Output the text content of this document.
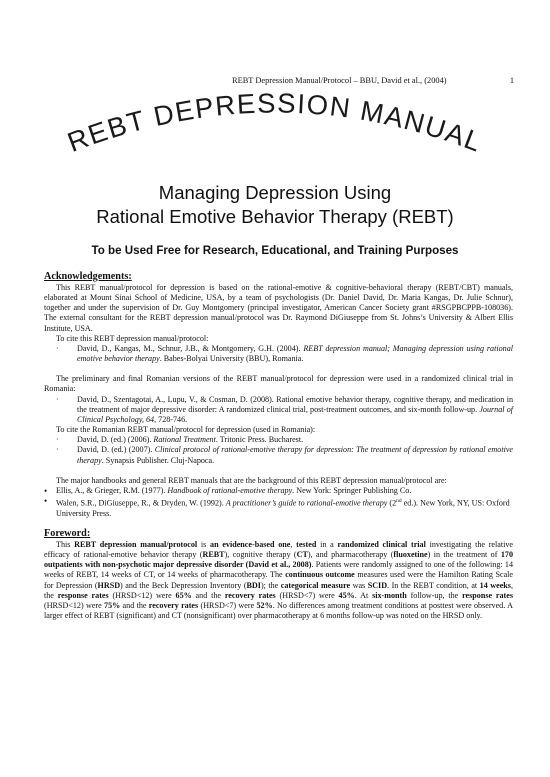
REBT Depression Manual/Protocol – BBU, David et al., (2004)	1
REBT DEPRESSION MANUAL
Managing Depression Using
Rational Emotive Behavior Therapy (REBT)
To be Used Free for Research, Educational, and Training Purposes

Acknowledgements:

This REBT manual/protocol for depression is based on the rational-emotive & cognitive-behavioral therapy (REBT/CBT) manuals, elaborated at Mount Sinai School of Medicine, USA, by a team of psychologists (Dr. Daniel David, Dr. Maria Kangas, Dr. Julie Schnur), together and under the supervision of Dr. Guy Montgomery (principal investigator, American Cancer Society grant #RSGPBCPPB-108036). The external consultant for the REBT depression manual/protocol was Dr. Raymond DiGiuseppe from St. Johns’s University & Albert Ellis Institute, USA.

To cite this REBT depression manual/protocol:

· David, D., Kangas, M., Schnur, J.B., & Montgomery, G.H. (2004). REBT depression manual; Managing depression using rational emotive behavior therapy. Babes-Bolyai University (BBU), Romania.

The preliminary and final Romanian versions of the REBT manual/protocol for depression were used in a randomized clinical trial in Romania:

· David, D., Szentagotai, A., Lupu, V., & Cosman, D. (2008). Rational emotive behavior therapy, cognitive therapy, and medication in the treatment of major depressive disorder: A randomized clinical trial, post-treatment outcomes, and six-month follow-up. Journal of Clinical Psychology, 64, 728-746.

To cite the Romanian REBT manual/protocol for depression (used in Romania):

· David, D. (ed.) (2006). Rational Treatment. Tritonic Press. Bucharest.
· David, D. (ed.) (2007). Clinical protocol of rational-emotive therapy for depression: The treatment of depression by rational emotive therapy. Synapsis Publisher. Cluj-Napoca.

The major handbooks and general REBT manuals that are the background of this REBT depression manual/protocol are:

• Ellis, A., & Grieger, R.M. (1977). Handbook of rational-emotive therapy. New York: Springer Publishing Co.
• Walen, S.R., DiGiuseppe, R., & Dryden, W. (1992). A practitioner’s guide to rational-emotive therapy (2nd ed.). New York, NY, US: Oxford University Press.

Foreword:

This REBT depression manual/protocol is an evidence-based one, tested in a randomized clinical trial investigating the relative efficacy of rational-emotive behavior therapy (REBT), cognitive therapy (CT), and pharmacotherapy (fluoxetine) in the treatment of 170 outpatients with non-psychotic major depressive disorder (David et al., 2008). Patients were randomly assigned to one of the following: 14 weeks of REBT, 14 weeks of CT, or 14 weeks of pharmacotherapy. The continuous outcome measures used were the Hamilton Rating Scale for Depression (HRSD) and the Beck Depression Inventory (BDI); the categorical measure was SCID. In the REBT condition, at 14 weeks, the response rates (HRSD<12) were 65% and the recovery rates (HRSD<7) were 45%. At six-month follow-up, the response rates (HRSD<12) were 75% and the recovery rates (HRSD<7) were 52%. No differences among treatment conditions at posttest were observed. A larger effect of REBT (significant) and CT (nonsignificant) over pharmacotherapy at 6 months follow-up was noted on the HRSD only.
